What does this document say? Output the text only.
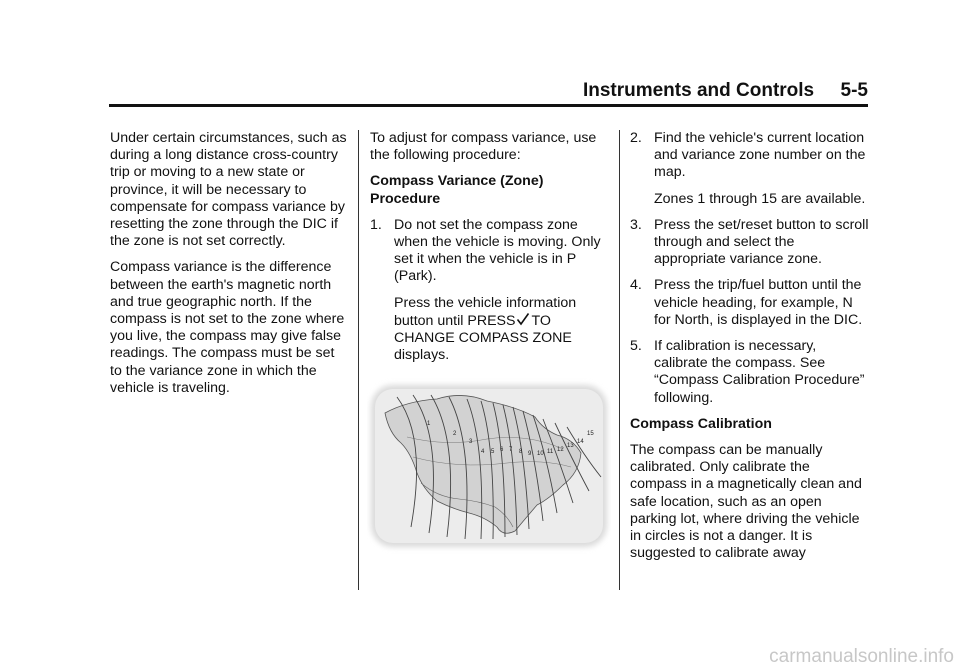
Instruments and Controls 5-5

Under certain circumstances, such as during a long distance cross-country trip or moving to a new state or province, it will be necessary to compensate for compass variance by resetting the zone through the DIC if the zone is not set correctly.

Compass variance is the difference between the earth's magnetic north and true geographic north. If the compass is not set to the zone where you live, the compass may give false readings. The compass must be set to the variance zone in which the vehicle is traveling.

To adjust for compass variance, use the following procedure:

Compass Variance (Zone) Procedure

1. Do not set the compass zone when the vehicle is moving. Only set it when the vehicle is in P (Park).

Press the vehicle information button until PRESS TO CHANGE COMPASS ZONE displays.

1
2
3
4 5 6 7 8 9 10 11 12
13
14
15
2. Find the vehicle's current location and variance zone number on the map.

Zones 1 through 15 are available.

3. Press the set/reset button to scroll through and select the appropriate variance zone.

4. Press the trip/fuel button until the vehicle heading, for example, N for North, is displayed in the DIC.

5. If calibration is necessary, calibrate the compass. See “Compass Calibration Procedure” following.

Compass Calibration

The compass can be manually calibrated. Only calibrate the compass in a magnetically clean and safe location, such as an open parking lot, where driving the vehicle in circles is not a danger. It is suggested to calibrate away

carmanualsonline.info
